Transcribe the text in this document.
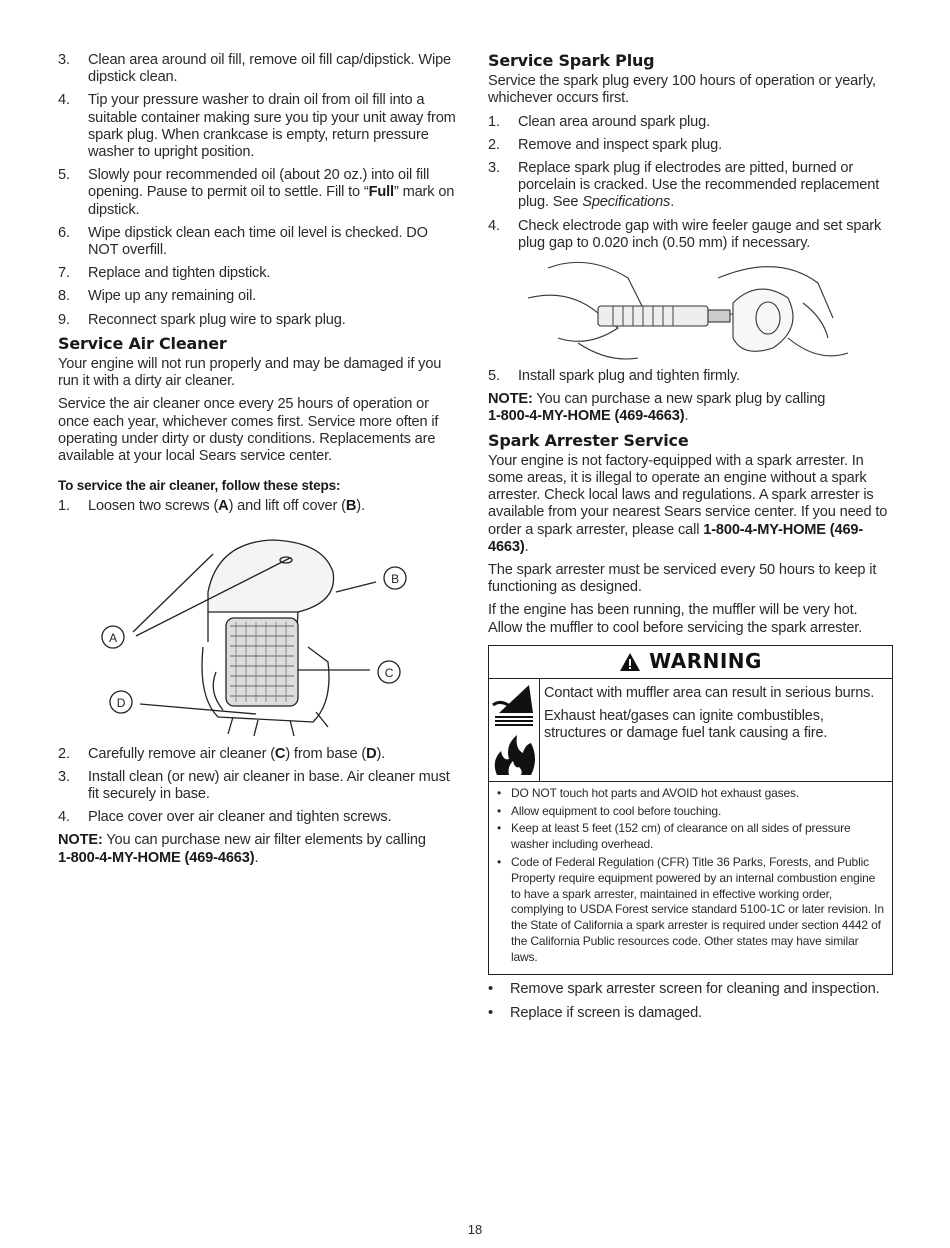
3.	Clean area around oil fill, remove oil fill cap/dipstick. Wipe dipstick clean.
4.	Tip your pressure washer to drain oil from oil fill into a suitable container making sure you tip your unit away from spark plug. When crankcase is empty, return pressure washer to upright position.
5.	Slowly pour recommended oil (about 20 oz.) into oil fill opening. Pause to permit oil to settle. Fill to “Full” mark on dipstick.
6.	Wipe dipstick clean each time oil level is checked. DO NOT overfill.
7.	Replace and tighten dipstick.
8.	Wipe up any remaining oil.
9.	Reconnect spark plug wire to spark plug.
Service Air Cleaner

Your engine will not run properly and may be damaged if you run it with a dirty air cleaner.

Service the air cleaner once every 25 hours of operation or once each year, whichever comes first. Service more often if operating under dirty or dusty conditions. Replacements are available at your local Sears service center.

To service the air cleaner, follow these steps:
1.	Loosen two screws (A) and lift off cover (B).
A
B
C
D
2.	Carefully remove air cleaner (C) from base (D).
3.	Install clean (or new) air cleaner in base. Air cleaner must fit securely in base.
4.	Place cover over air cleaner and tighten screws.

NOTE: You can purchase new air filter elements by calling
1-800-4-MY-HOME (469-4663).

Service Spark Plug

Service the spark plug every 100 hours of operation or yearly, whichever occurs first.

1.	Clean area around spark plug.
2.	Remove and inspect spark plug.
3.	Replace spark plug if electrodes are pitted, burned or porcelain is cracked. Use the recommended replacement plug. See Specifications.
4.	Check electrode gap with wire feeler gauge and set spark plug gap to 0.020 inch (0.50 mm) if necessary.
5.	Install spark plug and tighten firmly.

NOTE: You can purchase a new spark plug by calling
1-800-4-MY-HOME (469-4663).

Spark Arrester Service

Your engine is not factory-equipped with a spark arrester. In some areas, it is illegal to operate an engine without a spark arrester. Check local laws and regulations. A spark arrester is available from your nearest Sears service center. If you need to order a spark arrester, please call 1-800-4-MY-HOME (469-4663).

The spark arrester must be serviced every 50 hours to keep it functioning as designed.

If the engine has been running, the muffler will be very hot. Allow the muffler to cool before servicing the spark arrester.

WARNING

Contact with muffler area can result in serious burns.

Exhaust heat/gases can ignite combustibles, structures or damage fuel tank causing a fire.

• DO NOT touch hot parts and AVOID hot exhaust gases.
• Allow equipment to cool before touching.
• Keep at least 5 feet (152 cm) of clearance on all sides of pressure washer including overhead.
• Code of Federal Regulation (CFR) Title 36 Parks, Forests, and Public Property require equipment powered by an internal combustion engine to have a spark arrester, maintained in effective working order, complying to USDA Forest service standard 5100-1C or later revision. In the State of California a spark arrester is required under section 4442 of the California Public resources code. Other states may have similar laws.
• Remove spark arrester screen for cleaning and inspection.
• Replace if screen is damaged.
18
